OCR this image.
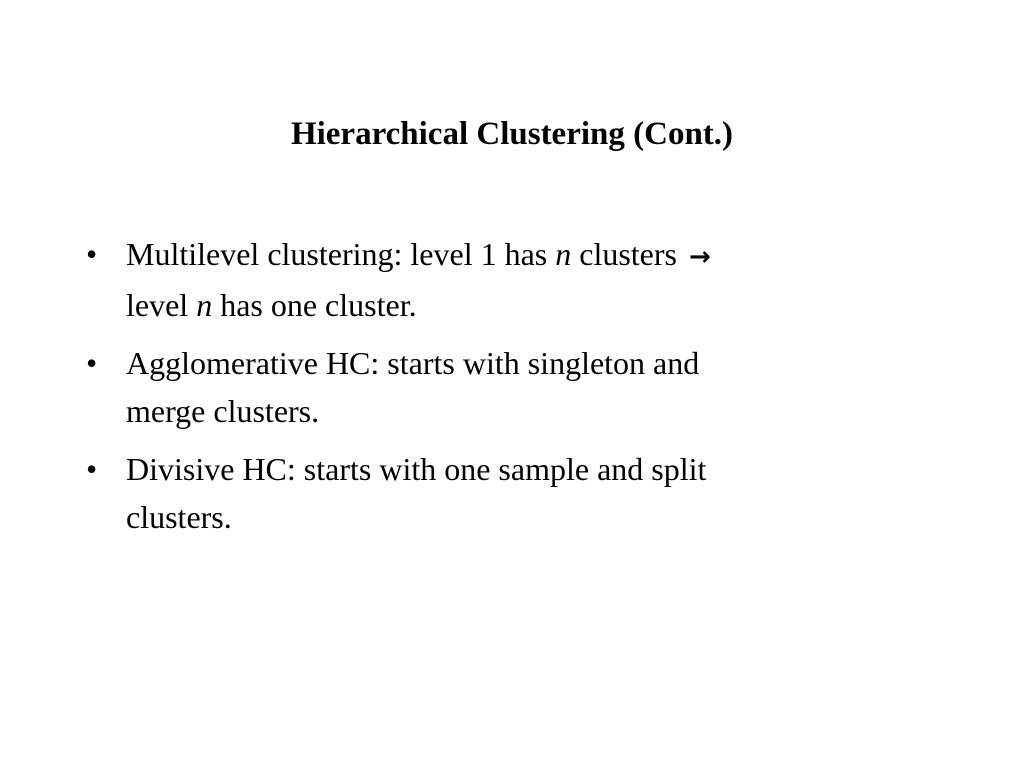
Hierarchical Clustering (Cont.)
• Multilevel clustering: level 1 has n clusters →
level n has one cluster.
• Agglomerative HC: starts with singleton and
merge clusters.
• Divisive HC: starts with one sample and split
clusters.
